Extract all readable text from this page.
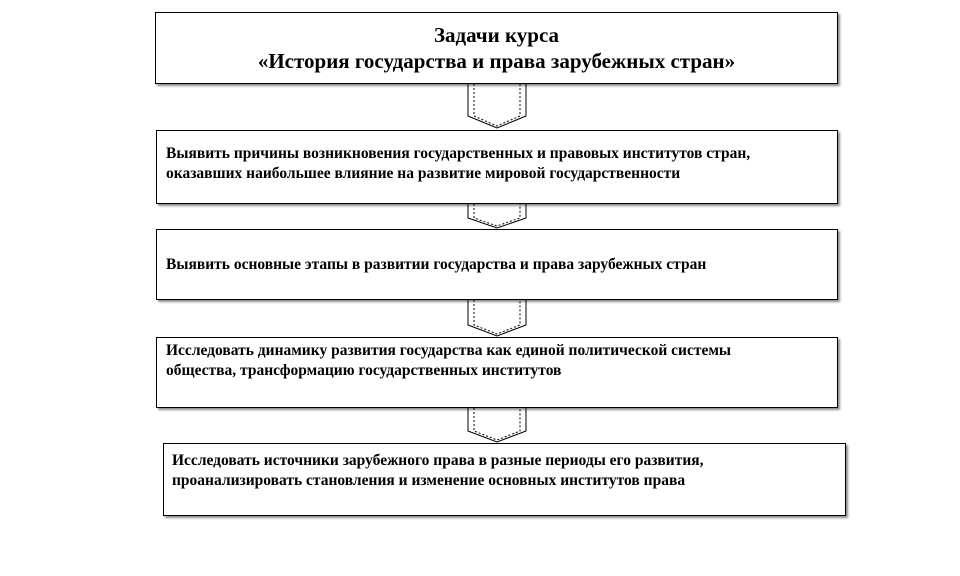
Задачи курса
«История государства и права зарубежных стран»
Выявить причины возникновения государственных и правовых институтов стран,
оказавших наибольшее влияние на развитие мировой государственности
Выявить основные этапы в развитии государства и права зарубежных стран
Исследовать динамику развития государства как единой политической системы
общества, трансформацию государственных институтов
Исследовать источники зарубежного права в разные периоды его развития,
проанализировать становления и изменение основных институтов права
